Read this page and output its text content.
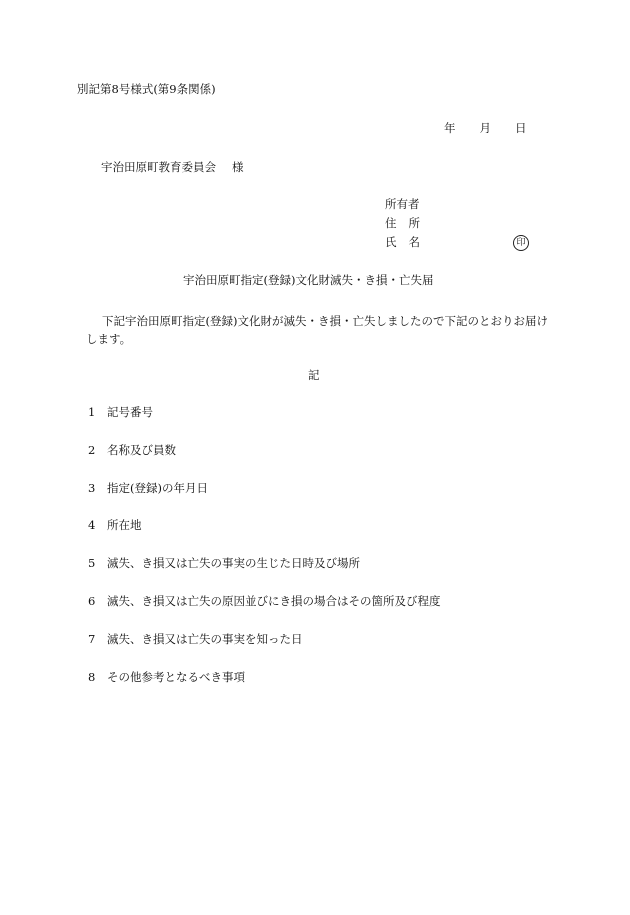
別記第8号様式(第9条関係)
年 月 日
宇治田原町教育委員会 様
所有者
住 所
氏 名	印
宇治田原町指定(登録)文化財滅失・き損・亡失届
下記宇治田原町指定(登録)文化財が滅失・き損・亡失しましたので下記のとおりお届けします。
記
1 記号番号
2 名称及び員数
3 指定(登録)の年月日
4 所在地
5 滅失、き損又は亡失の事実の生じた日時及び場所
6 滅失、き損又は亡失の原因並びにき損の場合はその箇所及び程度
7 滅失、き損又は亡失の事実を知った日
8 その他参考となるべき事項
